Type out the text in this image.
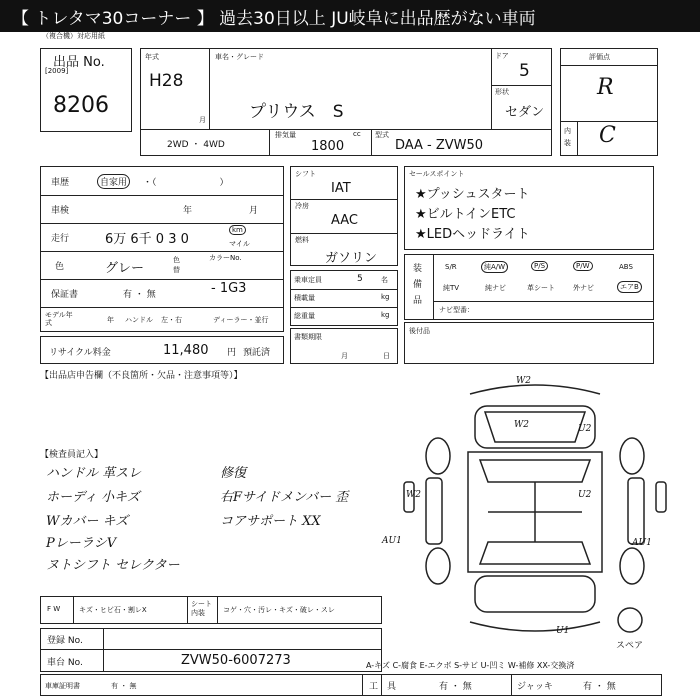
【 トレタマ30コーナー 】 過去30日以上 JU岐阜に出品歴がない車両
（複合機）対応用紙
出品 No.
[2009]
8206
年式
H28
月
車名・グレード
プリウス　S
ドア
5
形状
セダン
2WD ・ 4WD
排気量	cc
1800
型式
DAA - ZVW50
評価点
R
内装 C
車歴	自家用	・（　　　　　　　）
車検	年	月
走行	6万 6千 0 3 0
km
マイル
色	グレー
色替
カラーNo.
- 1G3
保証書	有 ・ 無
モデル年式	年 ハンドル 左・右	ディーラー・並行
リサイクル料金	11,480 円 預託済
シフト
IAT
冷房
AAC
燃料
ガソリン
乗車定員	5	名
積載量	kg
総重量	kg
書類期限
月	日
セールスポイント
★プッシュスタート
★ビルトインETC
★LEDヘッドライト
装備品
S/R	純A/W	P/S	P/W	ABS
純TV	純ナビ	革シート	外ナビ	エアB
ナビ型番：
後付品
【出品店申告欄（不良箇所・欠品・注意事項等）】
【検査員記入】
ハンドル 革スレ
ホーディ 小キズ
Wカバー キズ
PレーラシV
ヌトシフト セレクター
修復
右Fサイドメンバー 歪
コアサポート XX
W2
W2	U2
W2	U2
AU1	AU1
U1
スペア
F W	キズ・ヒビ石・割レX
シート内装	コゲ・穴・汚レ・キズ・破レ・スレ
登録 No.
車台 No.	ZVW50-6007273
車庫証明書	有 ・ 無
A-キズ C-腐食 E-エクボ S-サビ U-凹ミ W-補修 XX-交換済
工　具	有 ・ 無	ジャッキ	有 ・ 無
